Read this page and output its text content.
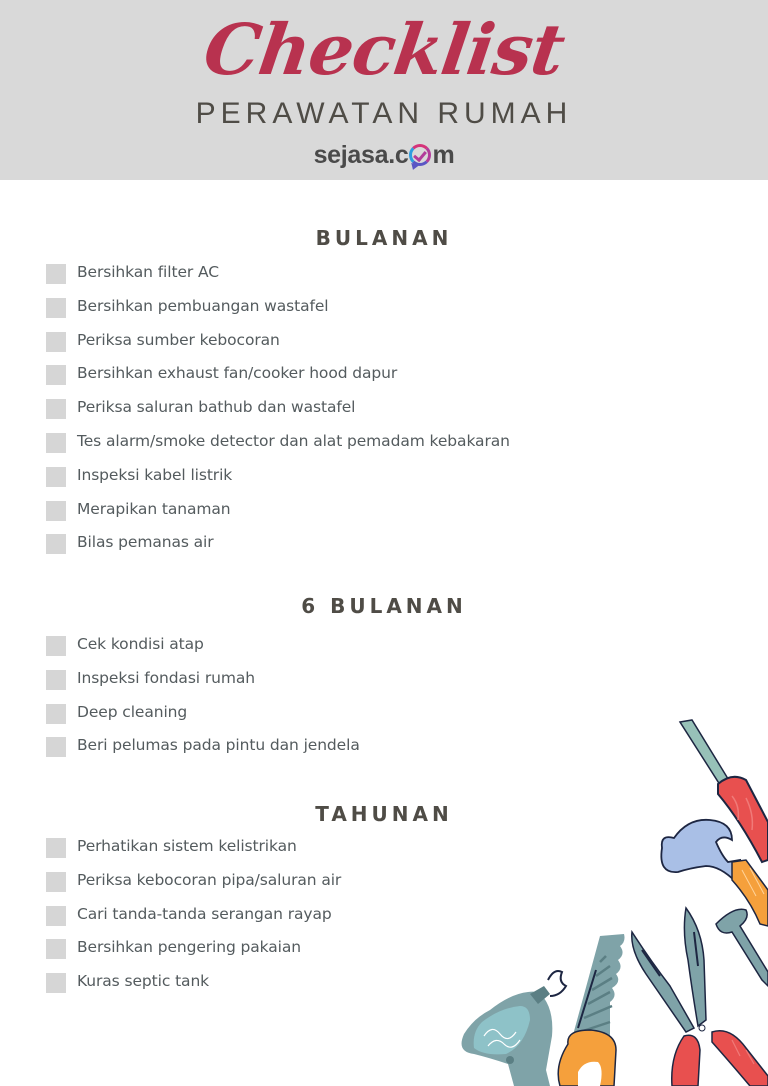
Checklist
PERAWATAN RUMAH
sejasa.c m
BULANAN
Bersihkan filter AC
Bersihkan pembuangan wastafel
Periksa sumber kebocoran
Bersihkan exhaust fan/cooker hood dapur
Periksa saluran bathub dan wastafel
Tes alarm/smoke detector dan alat pemadam kebakaran
Inspeksi kabel listrik
Merapikan tanaman
Bilas pemanas air
6 BULANAN
Cek kondisi atap
Inspeksi fondasi rumah
Deep cleaning
Beri pelumas pada pintu dan jendela
TAHUNAN
Perhatikan sistem kelistrikan
Periksa kebocoran pipa/saluran air
Cari tanda-tanda serangan rayap
Bersihkan pengering pakaian
Kuras septic tank
